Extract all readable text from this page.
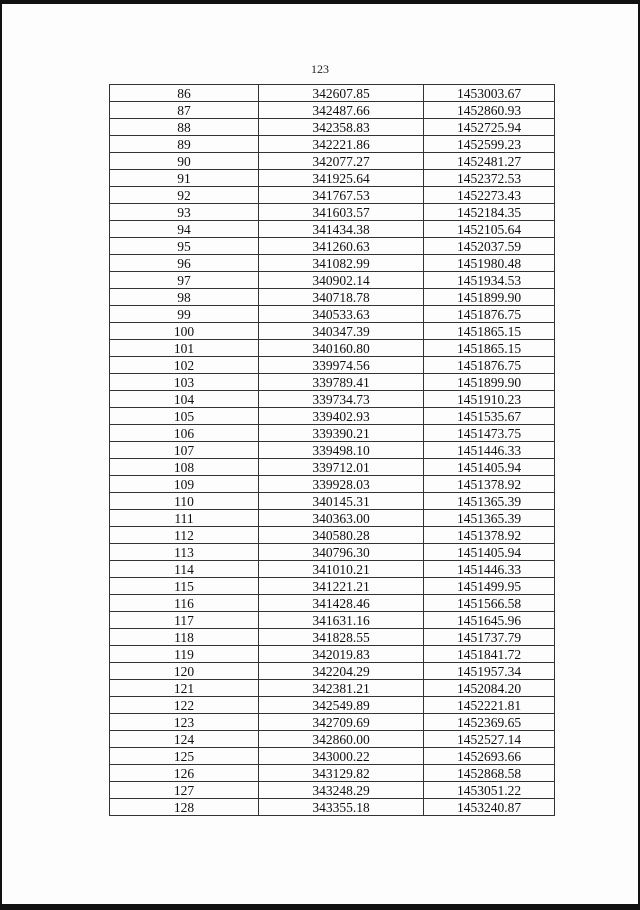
123
86	342607.85	1453003.67
87	342487.66	1452860.93
88	342358.83	1452725.94
89	342221.86	1452599.23
90	342077.27	1452481.27
91	341925.64	1452372.53
92	341767.53	1452273.43
93	341603.57	1452184.35
94	341434.38	1452105.64
95	341260.63	1452037.59
96	341082.99	1451980.48
97	340902.14	1451934.53
98	340718.78	1451899.90
99	340533.63	1451876.75
100	340347.39	1451865.15
101	340160.80	1451865.15
102	339974.56	1451876.75
103	339789.41	1451899.90
104	339734.73	1451910.23
105	339402.93	1451535.67
106	339390.21	1451473.75
107	339498.10	1451446.33
108	339712.01	1451405.94
109	339928.03	1451378.92
110	340145.31	1451365.39
111	340363.00	1451365.39
112	340580.28	1451378.92
113	340796.30	1451405.94
114	341010.21	1451446.33
115	341221.21	1451499.95
116	341428.46	1451566.58
117	341631.16	1451645.96
118	341828.55	1451737.79
119	342019.83	1451841.72
120	342204.29	1451957.34
121	342381.21	1452084.20
122	342549.89	1452221.81
123	342709.69	1452369.65
124	342860.00	1452527.14
125	343000.22	1452693.66
126	343129.82	1452868.58
127	343248.29	1453051.22
128	343355.18	1453240.87
